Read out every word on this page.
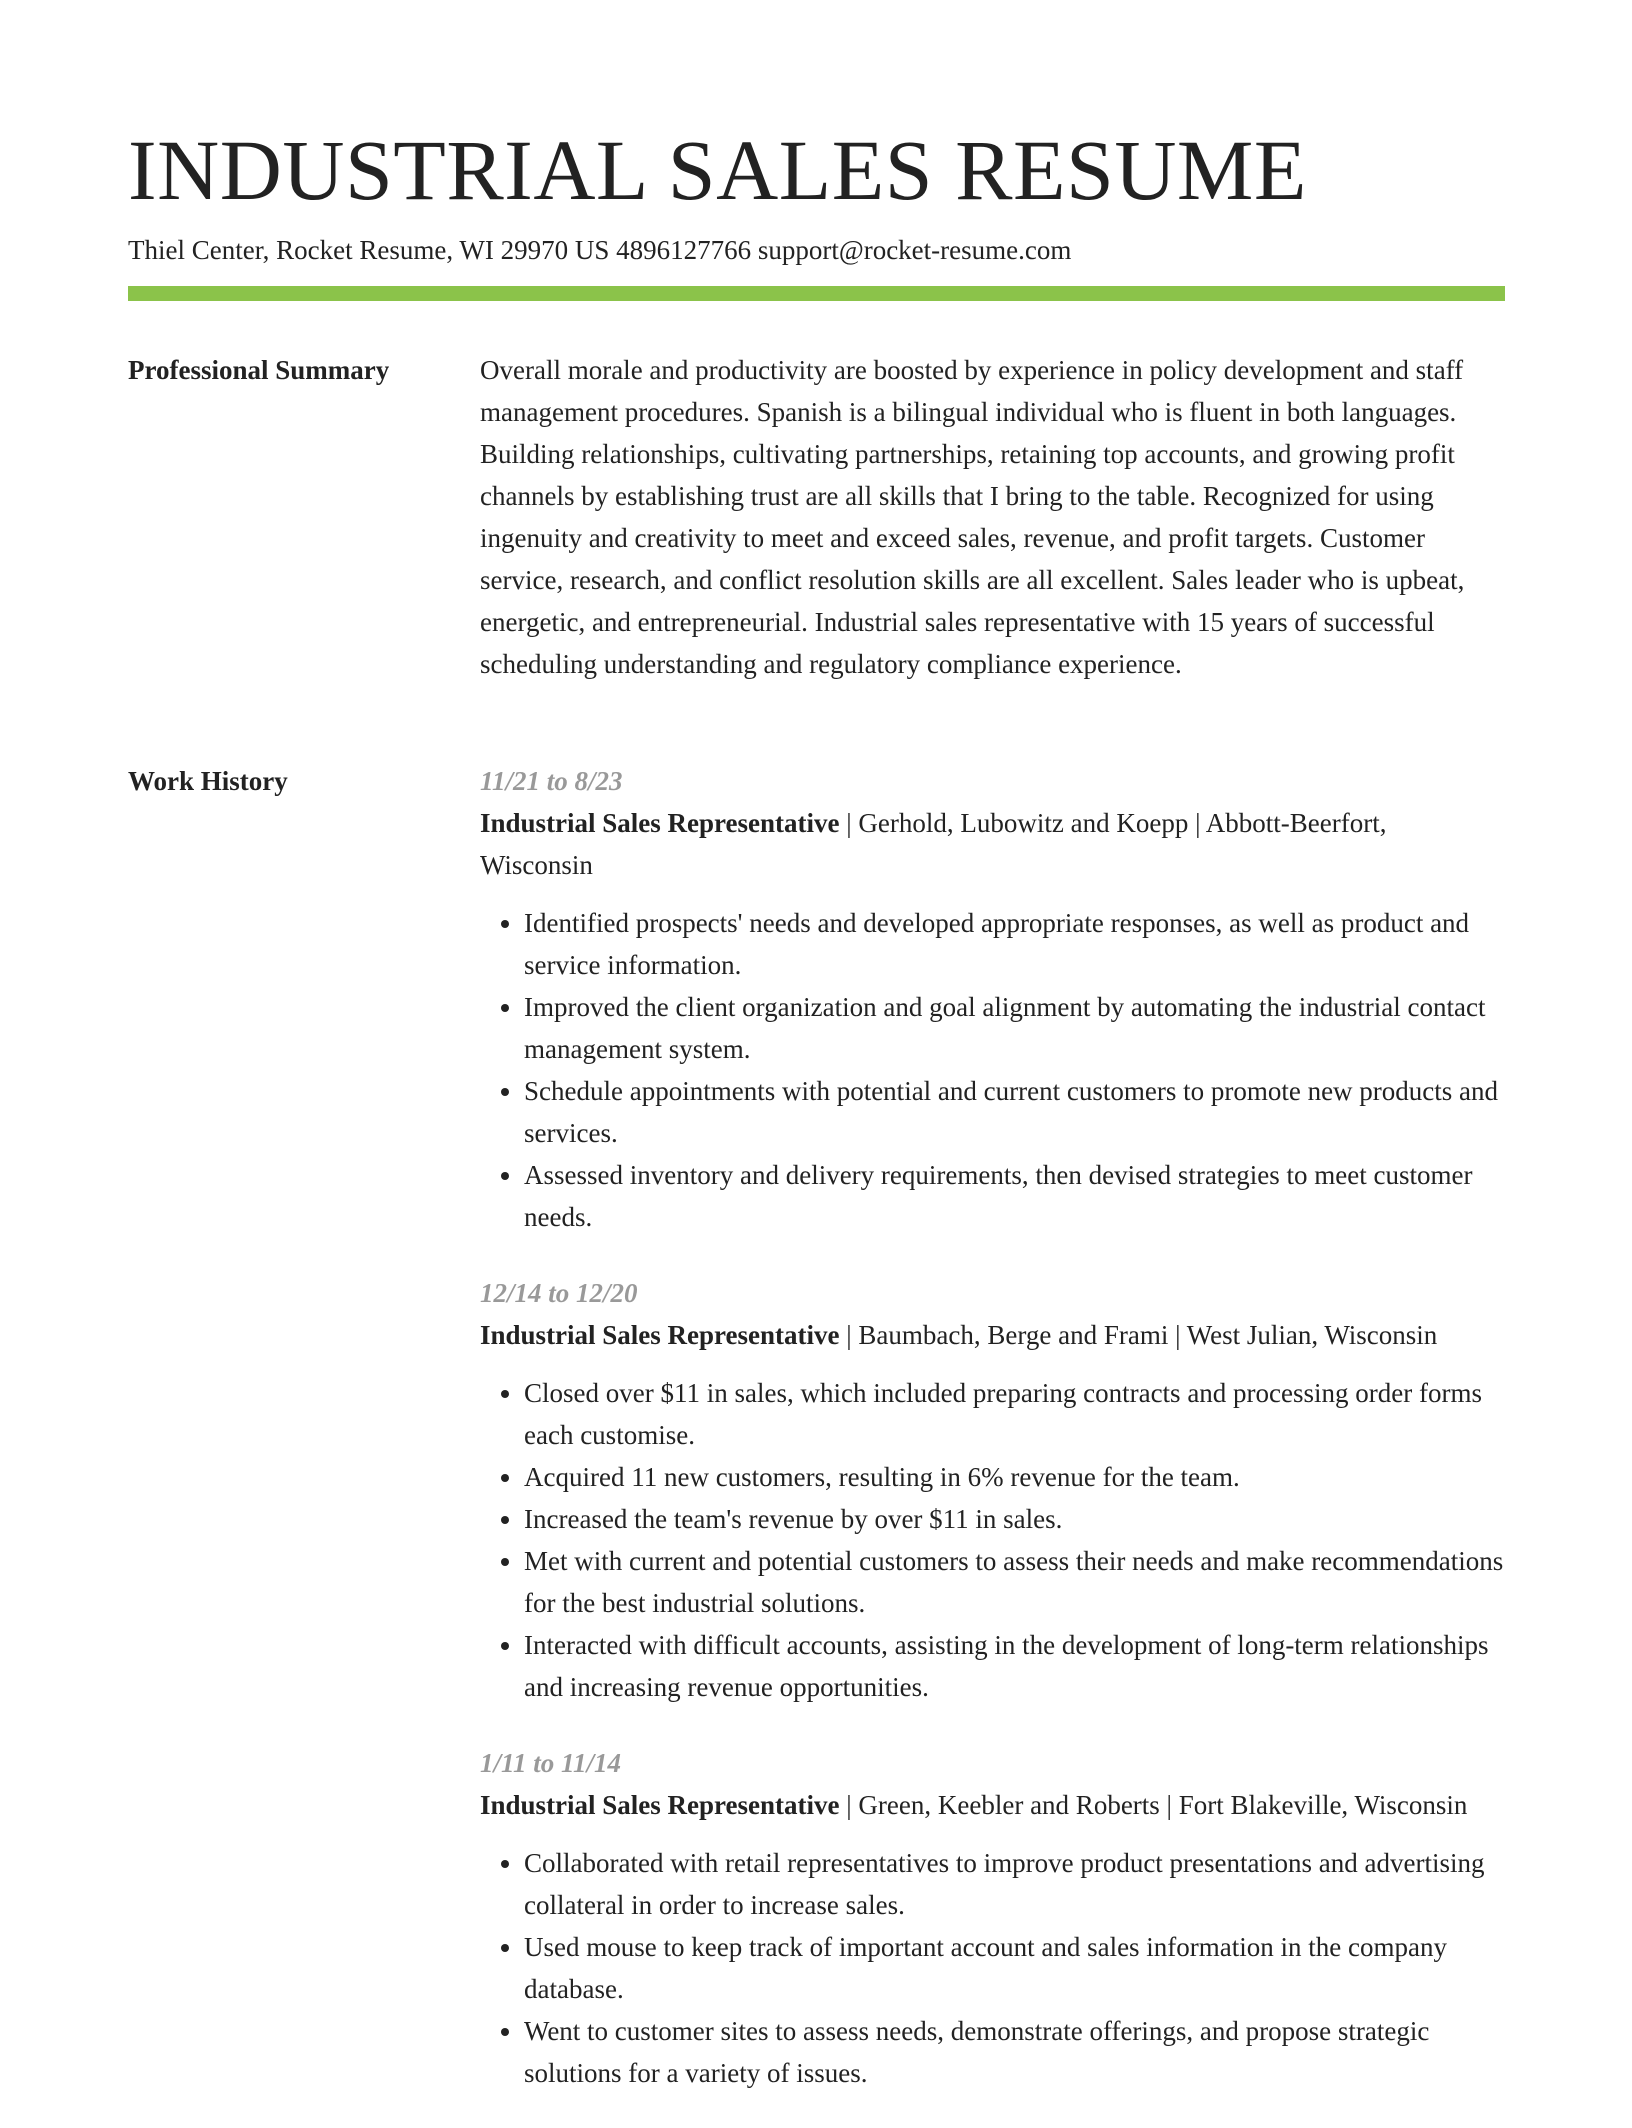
INDUSTRIAL SALES RESUME
Thiel Center, Rocket Resume, WI 29970 US 4896127766 support@rocket-resume.com
Professional Summary	Overall morale and productivity are boosted by experience in policy development and staff management procedures. Spanish is a bilingual individual who is fluent in both languages. Building relationships, cultivating partnerships, retaining top accounts, and growing profit channels by establishing trust are all skills that I bring to the table. Recognized for using ingenuity and creativity to meet and exceed sales, revenue, and profit targets. Customer service, research, and conflict resolution skills are all excellent. Sales leader who is upbeat, energetic, and entrepreneurial. Industrial sales representative with 15 years of successful scheduling understanding and regulatory compliance experience.

Work History	11/21 to 8/23
Industrial Sales Representative | Gerhold, Lubowitz and Koepp | Abbott-Beerfort, Wisconsin
• Identified prospects' needs and developed appropriate responses, as well as product and service information.
• Improved the client organization and goal alignment by automating the industrial contact management system.
• Schedule appointments with potential and current customers to promote new products and services.
• Assessed inventory and delivery requirements, then devised strategies to meet customer needs.
12/14 to 12/20
Industrial Sales Representative | Baumbach, Berge and Frami | West Julian, Wisconsin
• Closed over $11 in sales, which included preparing contracts and processing order forms each customise.
• Acquired 11 new customers, resulting in 6% revenue for the team.
• Increased the team's revenue by over $11 in sales.
• Met with current and potential customers to assess their needs and make recommendations for the best industrial solutions.
• Interacted with difficult accounts, assisting in the development of long-term relationships and increasing revenue opportunities.
1/11 to 11/14
Industrial Sales Representative | Green, Keebler and Roberts | Fort Blakeville, Wisconsin
• Collaborated with retail representatives to improve product presentations and advertising collateral in order to increase sales.
• Used mouse to keep track of important account and sales information in the company database.
• Went to customer sites to assess needs, demonstrate offerings, and propose strategic solutions for a variety of issues.
